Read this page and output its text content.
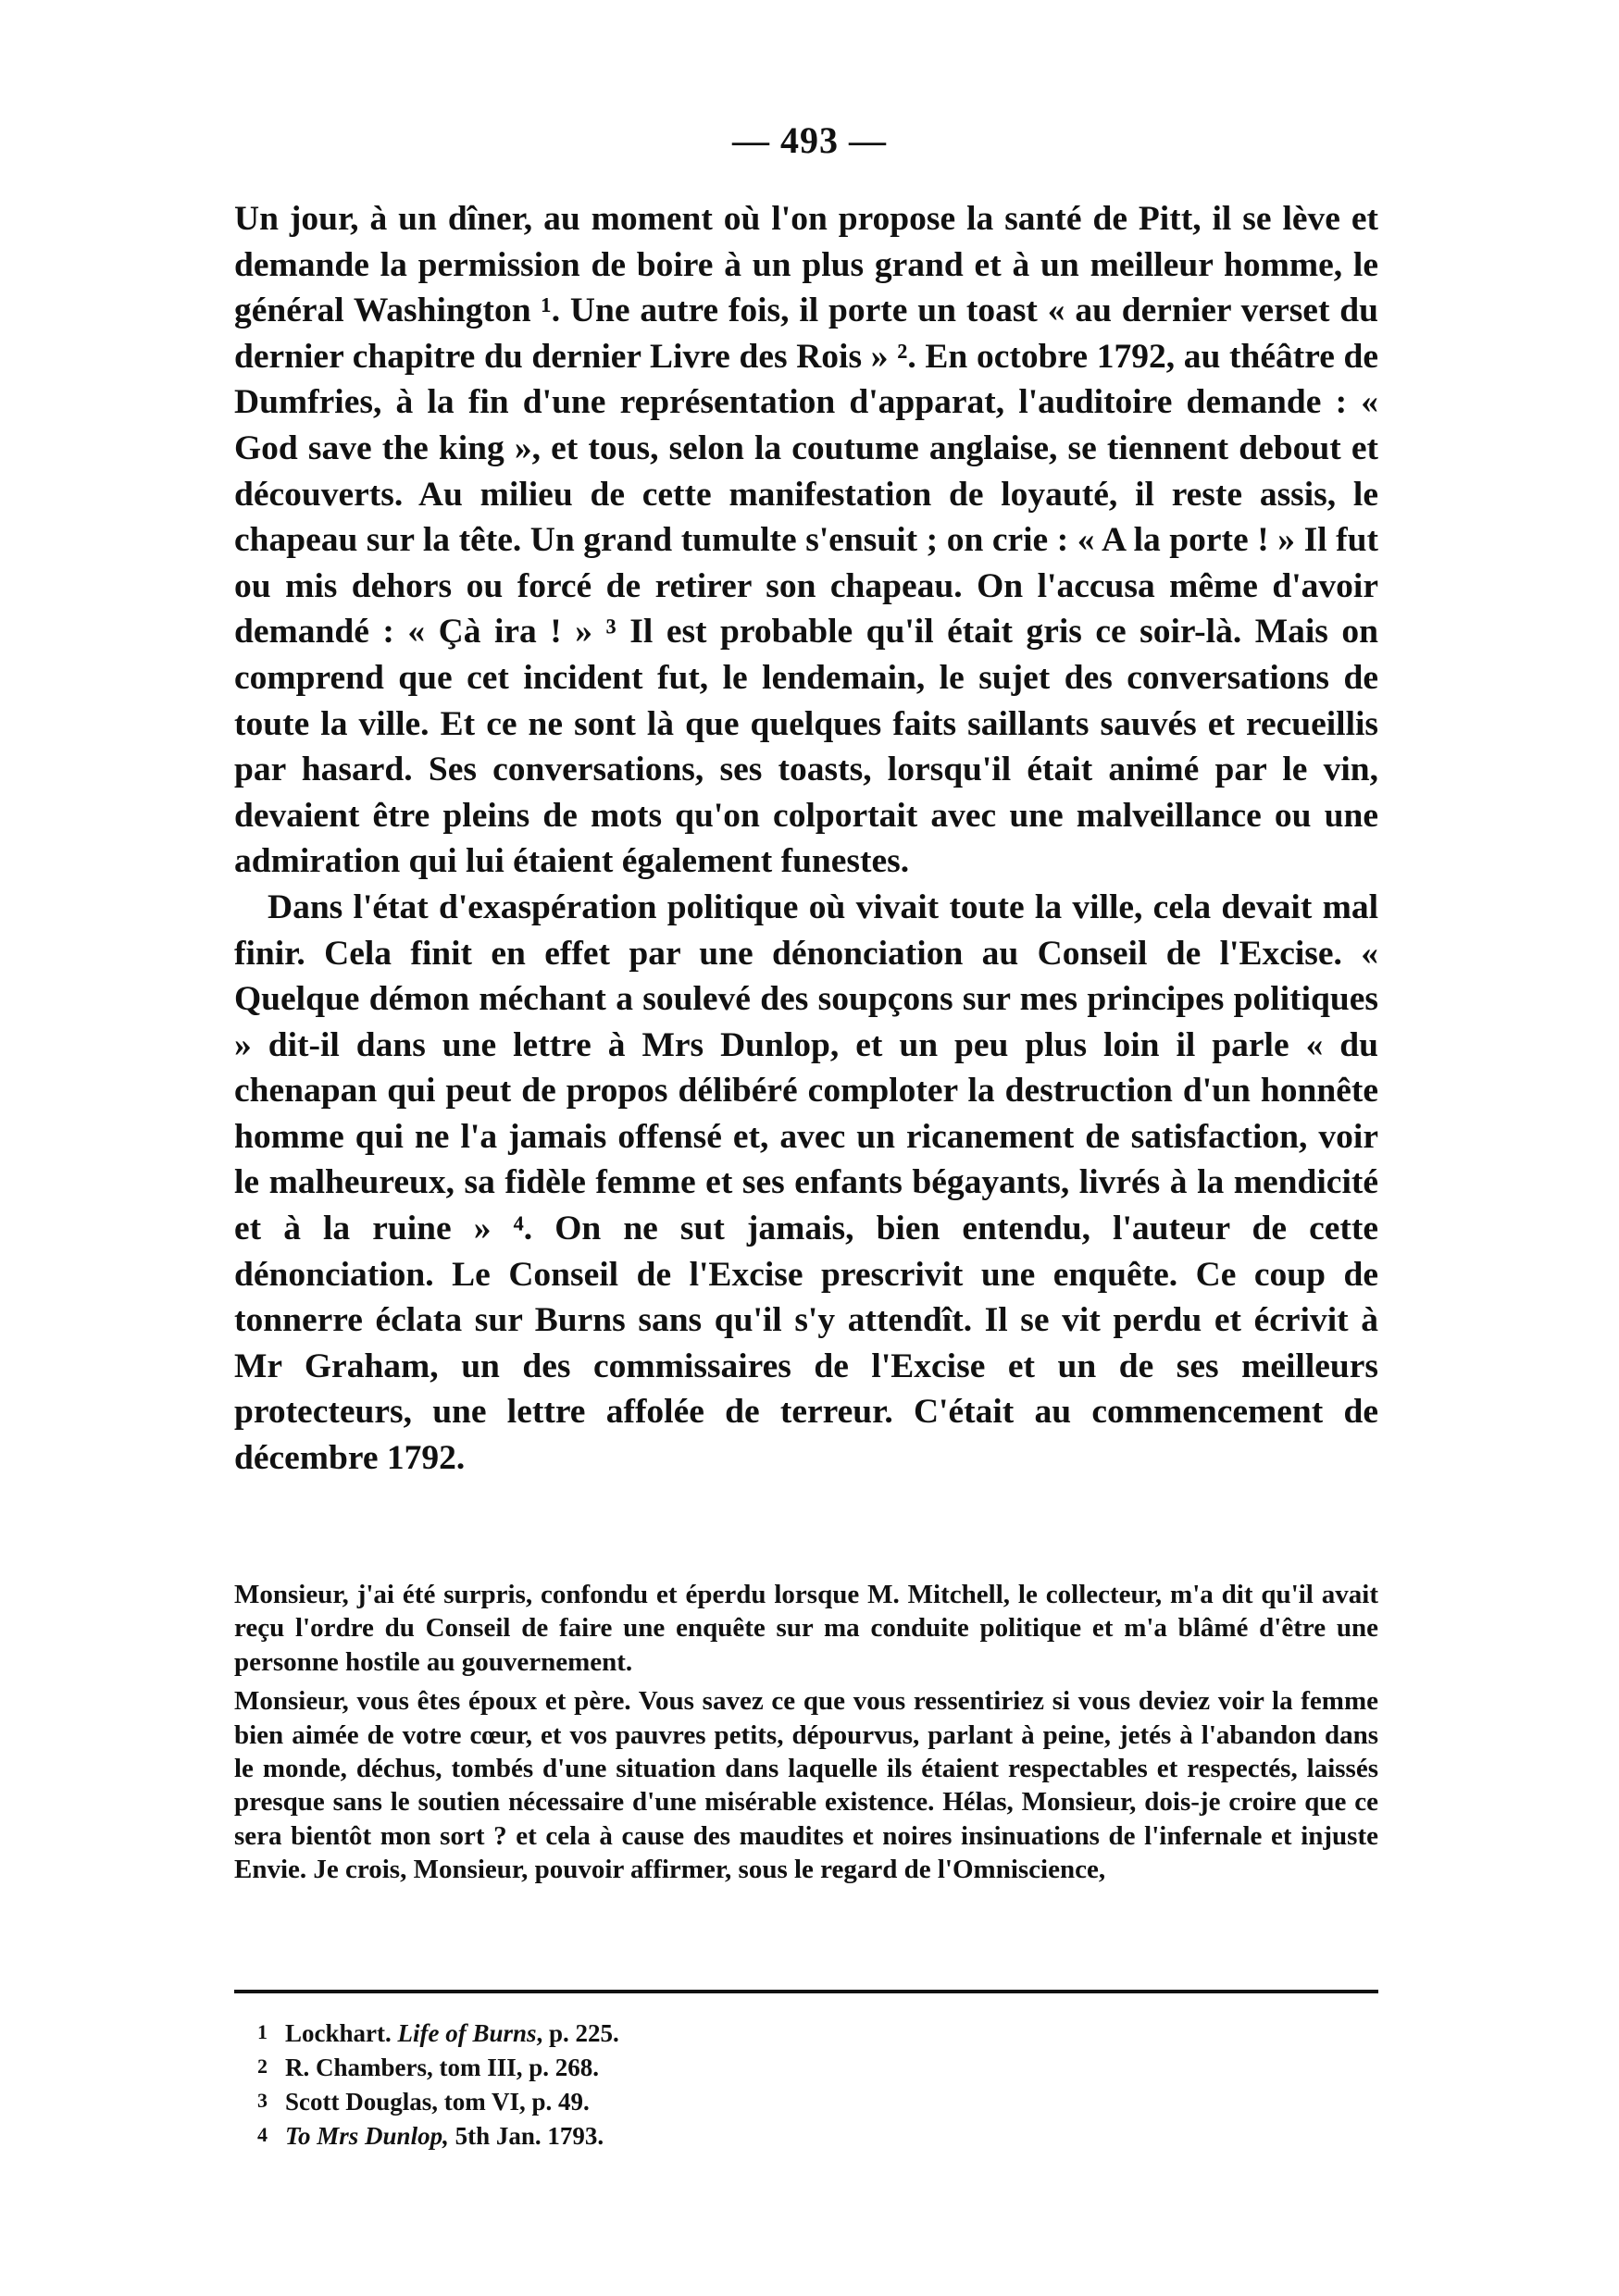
— 493 —

Un jour, à un dîner, au moment où l'on propose la santé de Pitt, il se lève et demande la permission de boire à un plus grand et à un meilleur homme, le général Washington ¹. Une autre fois, il porte un toast « au dernier verset du dernier chapitre du dernier Livre des Rois » ². En octobre 1792, au théâtre de Dumfries, à la fin d'une représentation d'apparat, l'auditoire demande : « God save the king », et tous, selon la coutume anglaise, se tiennent debout et découverts. Au milieu de cette manifestation de loyauté, il reste assis, le chapeau sur la tête. Un grand tumulte s'ensuit ; on crie : « A la porte ! » Il fut ou mis dehors ou forcé de retirer son chapeau. On l'accusa même d'avoir demandé : « Çà ira ! » ³ Il est probable qu'il était gris ce soir-là. Mais on comprend que cet incident fut, le lendemain, le sujet des conversations de toute la ville. Et ce ne sont là que quelques faits saillants sauvés et recueillis par hasard. Ses conversations, ses toasts, lorsqu'il était animé par le vin, devaient être pleins de mots qu'on colportait avec une malveillance ou une admiration qui lui étaient également funestes.

Dans l'état d'exaspération politique où vivait toute la ville, cela devait mal finir. Cela finit en effet par une dénonciation au Conseil de l'Excise. « Quelque démon méchant a soulevé des soupçons sur mes principes politiques » dit-il dans une lettre à Mrs Dunlop, et un peu plus loin il parle « du chenapan qui peut de propos délibéré comploter la destruction d'un honnête homme qui ne l'a jamais offensé et, avec un ricanement de satisfaction, voir le malheureux, sa fidèle femme et ses enfants bégayants, livrés à la mendicité et à la ruine » ⁴. On ne sut jamais, bien entendu, l'auteur de cette dénonciation. Le Conseil de l'Excise prescrivit une enquête. Ce coup de tonnerre éclata sur Burns sans qu'il s'y attendît. Il se vit perdu et écrivit à Mr Graham, un des commissaires de l'Excise et un de ses meilleurs protecteurs, une lettre affolée de terreur. C'était au commencement de décembre 1792.

Monsieur, j'ai été surpris, confondu et éperdu lorsque M. Mitchell, le collecteur, m'a dit qu'il avait reçu l'ordre du Conseil de faire une enquête sur ma conduite politique et m'a blâmé d'être une personne hostile au gouvernement.

Monsieur, vous êtes époux et père. Vous savez ce que vous ressentiriez si vous deviez voir la femme bien aimée de votre cœur, et vos pauvres petits, dépourvus, parlant à peine, jetés à l'abandon dans le monde, déchus, tombés d'une situation dans laquelle ils étaient respectables et respectés, laissés presque sans le soutien nécessaire d'une misérable existence. Hélas, Monsieur, dois-je croire que ce sera bientôt mon sort ? et cela à cause des maudites et noires insinuations de l'infernale et injuste Envie. Je crois, Monsieur, pouvoir affirmer, sous le regard de l'Omniscience,

1 Lockhart. Life of Burns, p. 225.
2 R. Chambers, tom III, p. 268.
3 Scott Douglas, tom VI, p. 49.
4 To Mrs Dunlop, 5th Jan. 1793.
